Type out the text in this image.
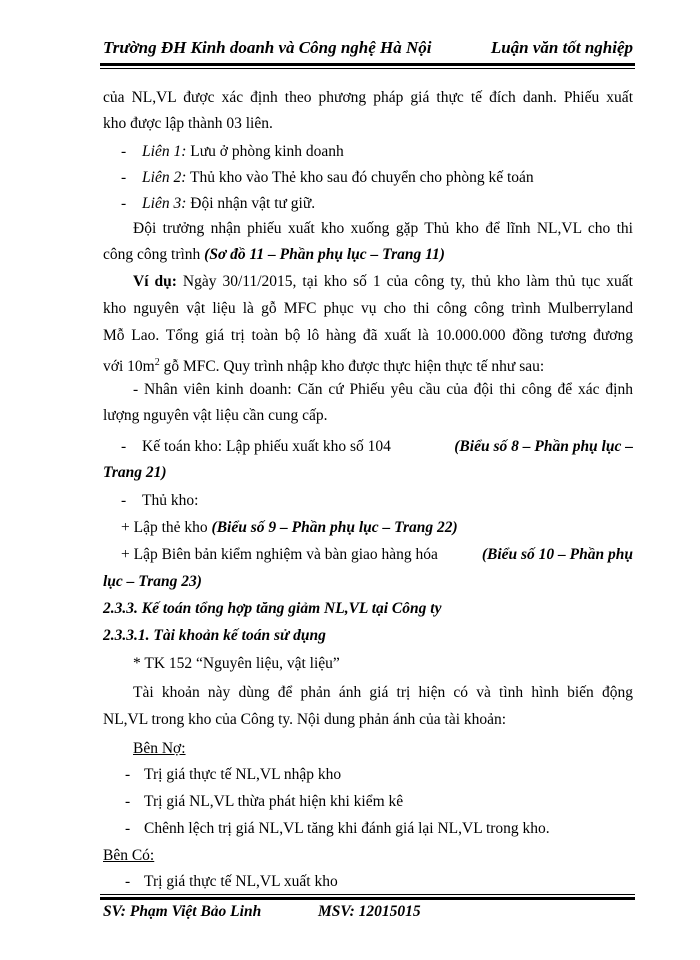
Trường ĐH Kinh doanh và Công nghệ Hà Nội	Luận văn tốt nghiệp
của NL,VL được xác định theo phương pháp giá thực tế đích danh. Phiếu xuất
kho được lập thành 03 liên.
- Liên 1: Lưu ở phòng kinh doanh
- Liên 2: Thủ kho vào Thẻ kho sau đó chuyển cho phòng kế toán
- Liên 3: Đội nhận vật tư giữ.
Đội trưởng nhận phiếu xuất kho xuống gặp Thủ kho để lĩnh NL,VL cho thi
công công trình (Sơ đồ 11 – Phần phụ lục – Trang 11)
Ví dụ: Ngày 30/11/2015, tại kho số 1 của công ty, thủ kho làm thủ tục xuất
kho nguyên vật liệu là gỗ MFC phục vụ cho thi công công trình Mulberryland
Mỗ Lao. Tổng giá trị toàn bộ lô hàng đã xuất là 10.000.000 đồng tương đương
với $10m^2$ gỗ MFC. Quy trình nhập kho được thực hiện thực tế như sau:
- Nhân viên kinh doanh: Căn cứ Phiếu yêu cầu của đội thi công để xác định
lượng nguyên vật liệu cần cung cấp.
- Kế toán kho: Lập phiếu xuất kho số 104	(Biểu số 8 – Phần phụ lục –
Trang 21)
- Thủ kho:
+ Lập thẻ kho (Biểu số 9 – Phần phụ lục – Trang 22)
+ Lập Biên bản kiểm nghiệm và bàn giao hàng hóa	(Biểu số 10 – Phần phụ
lục – Trang 23)
2.3.3. Kế toán tổng hợp tăng giảm NL,VL tại Công ty
2.3.3.1. Tài khoản kế toán sử dụng
* TK 152 “Nguyên liệu, vật liệu”
Tài khoản này dùng để phản ánh giá trị hiện có và tình hình biến động
NL,VL trong kho của Công ty. Nội dung phản ánh của tài khoản:
Bên Nợ:
- Trị giá thực tế NL,VL nhập kho
- Trị giá NL,VL thừa phát hiện khi kiểm kê
- Chênh lệch trị giá NL,VL tăng khi đánh giá lại NL,VL trong kho.
Bên Có:
- Trị giá thực tế NL,VL xuất kho
SV: Phạm Việt Bảo Linh	MSV: 12015015
